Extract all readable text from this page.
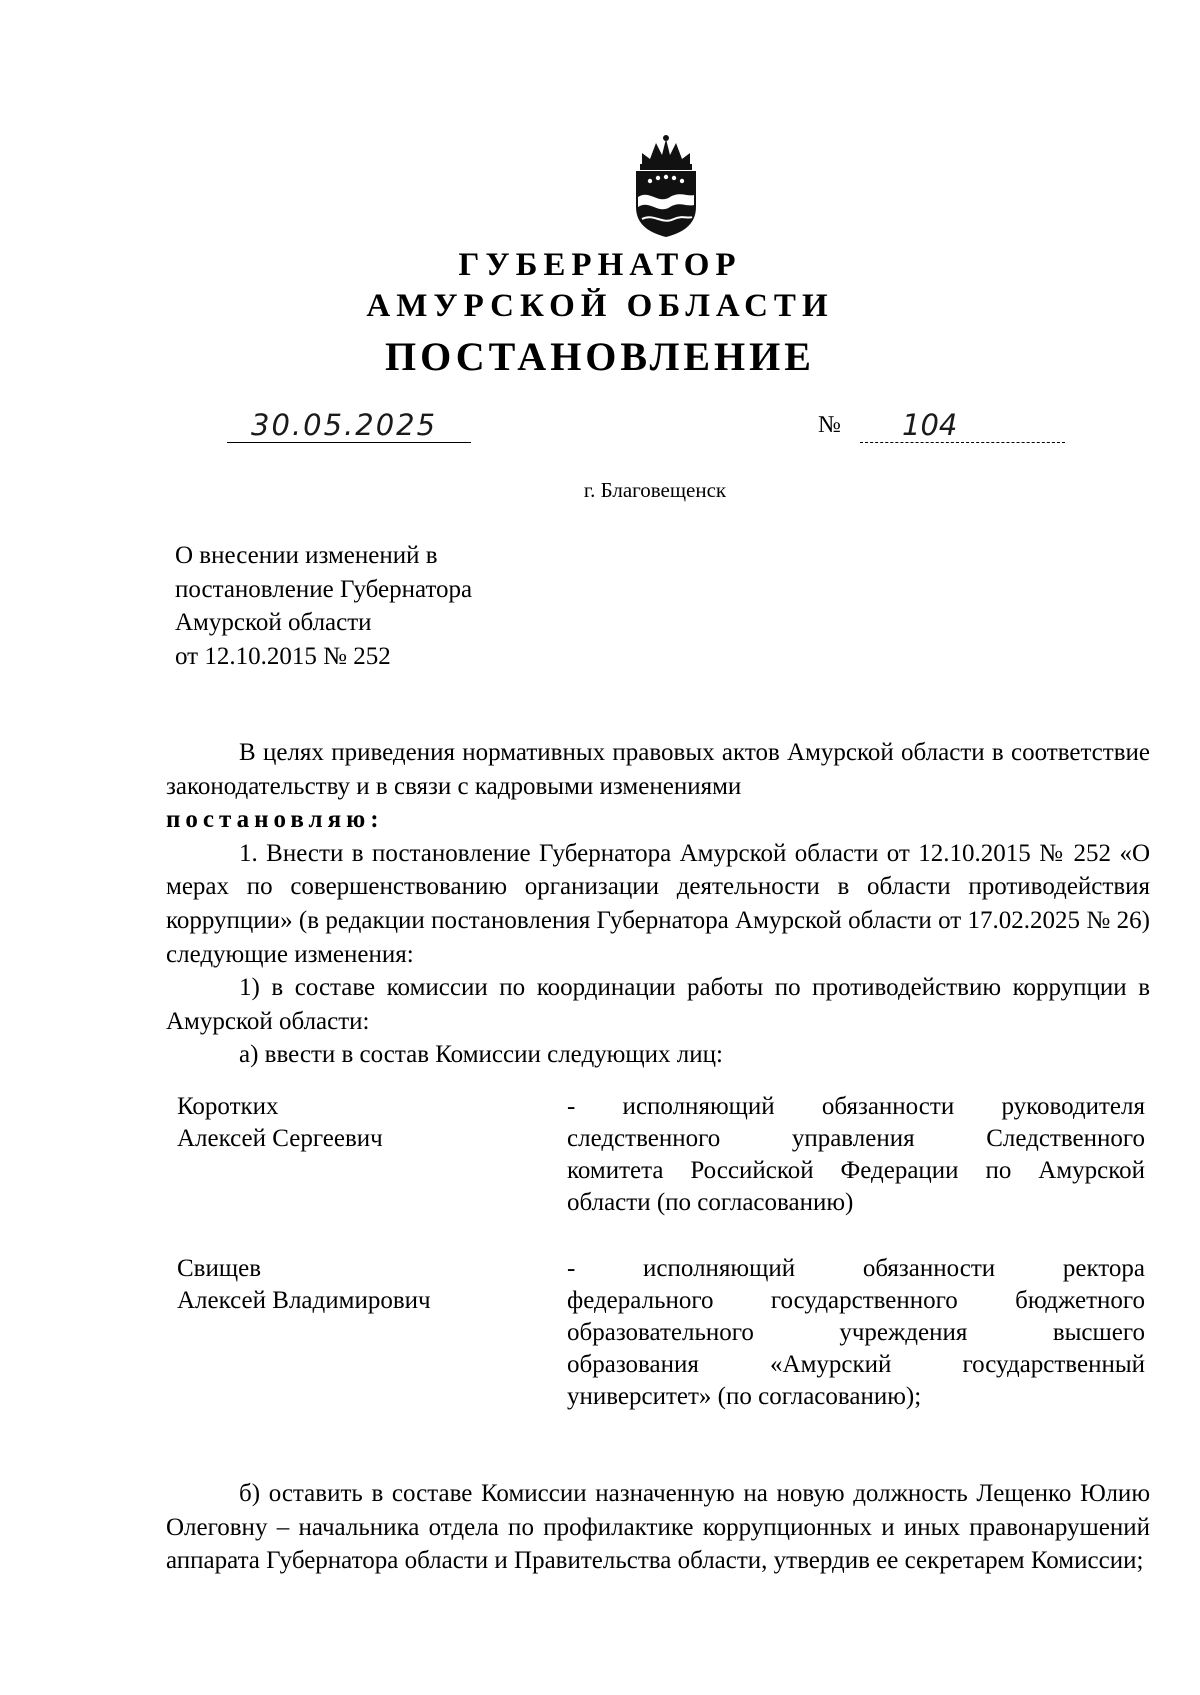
ГУБЕРНАТОР
АМУРСКОЙ ОБЛАСТИ
ПОСТАНОВЛЕНИЕ
30.05.2025	№ 104
г. Благовещенск
О внесении изменений в
постановление Губернатора
Амурской области
от 12.10.2015 № 252
В целях приведения нормативных правовых актов Амурской области в соответствие законодательству и в связи с кадровыми изменениями
постановляю:
1. Внести в постановление Губернатора Амурской области от 12.10.2015 № 252 «О мерах по совершенствованию организации деятельности в области противодействия коррупции» (в редакции постановления Губернатора Амурской области от 17.02.2025 № 26) следующие изменения:
1) в составе комиссии по координации работы по противодействию коррупции в Амурской области:
а) ввести в состав Комиссии следующих лиц:
Коротких
Алексей Сергеевич
- исполняющий обязанности руководителя
следственного управления Следственного
комитета Российской Федерации по Амурской
области (по согласованию)
Свищев
Алексей Владимирович
- исполняющий обязанности ректора
федерального государственного бюджетного
образовательного учреждения высшего
образования «Амурский государственный
университет» (по согласованию);
б) оставить в составе Комиссии назначенную на новую должность Лещенко Юлию Олеговну – начальника отдела по профилактике коррупционных и иных правонарушений аппарата Губернатора области и Правительства области, утвердив ее секретарем Комиссии;
